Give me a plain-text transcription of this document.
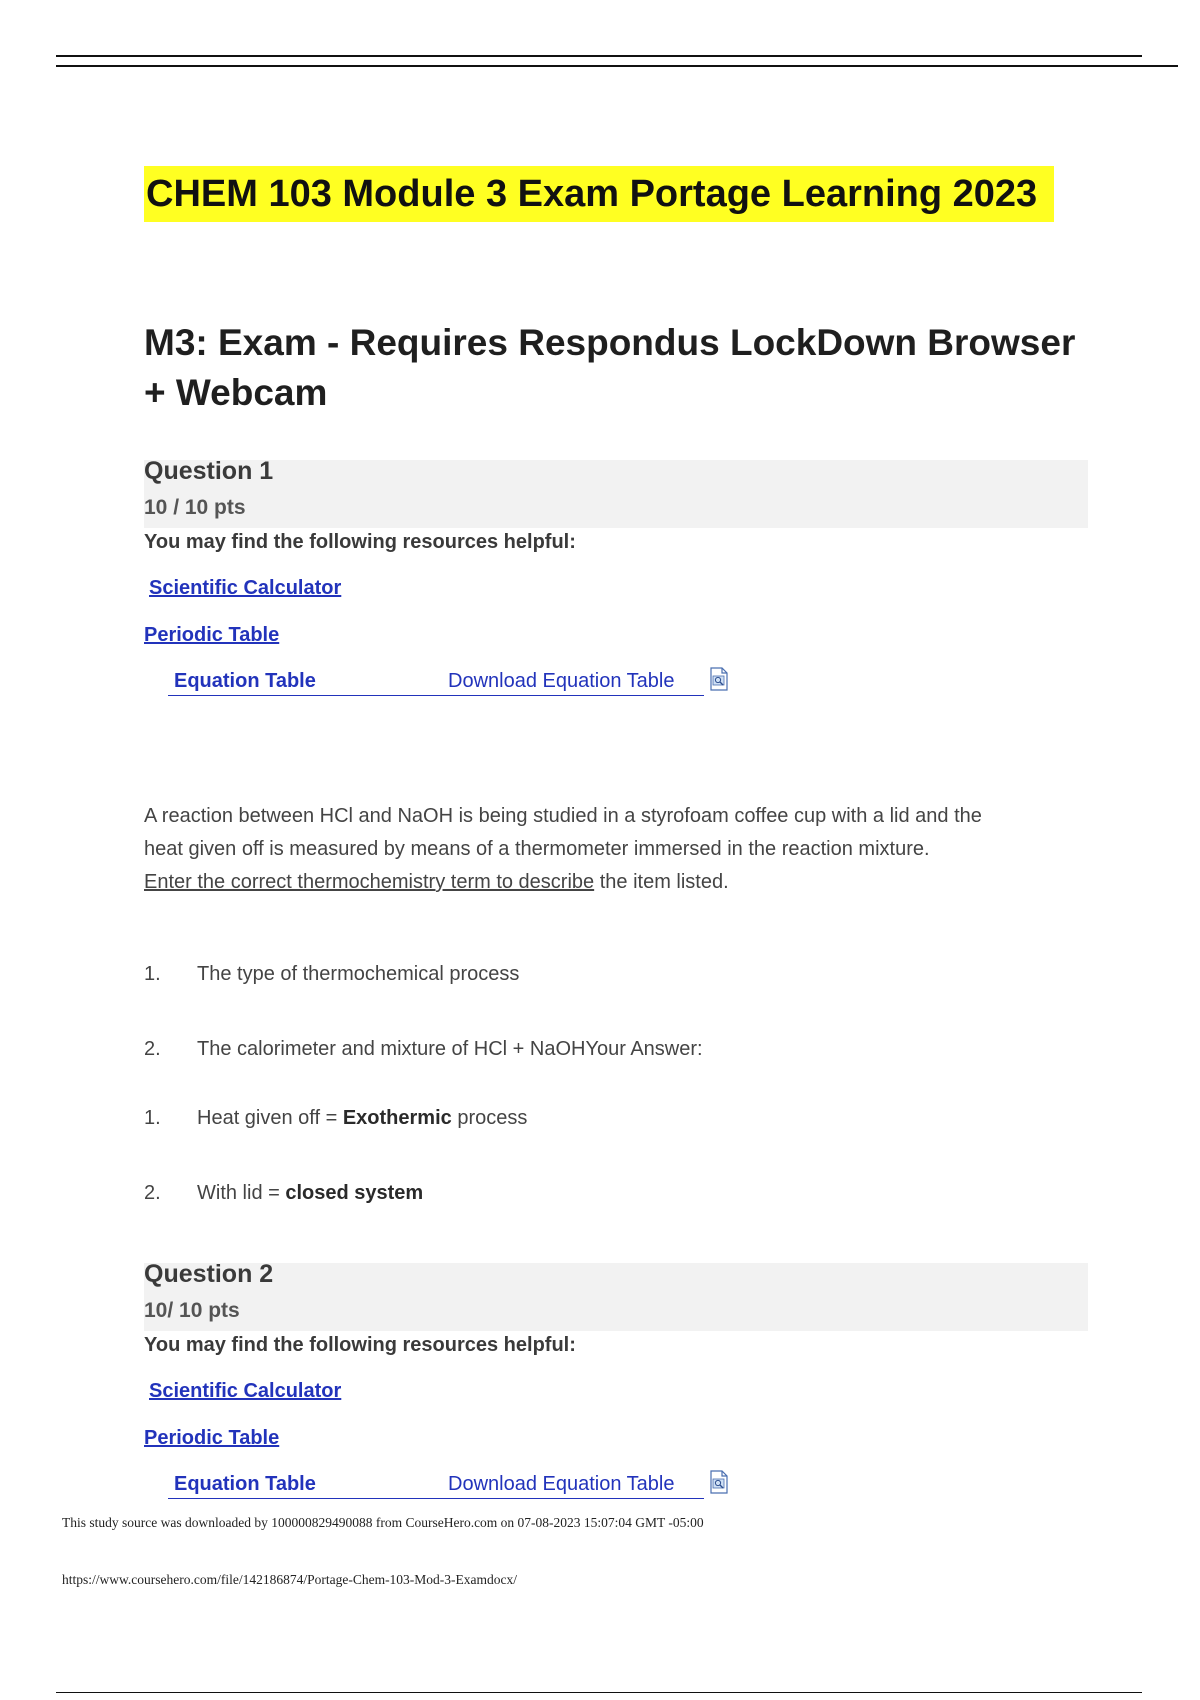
CHEM 103 Module 3 Exam Portage Learning 2023
M3: Exam - Requires Respondus LockDown Browser + Webcam
Question 1
10 / 10 pts
You may find the following resources helpful:
Scientific Calculator
Periodic Table
Equation Table	Download Equation Table
A reaction between HCl and NaOH is being studied in a styrofoam coffee cup with a lid and the
heat given off is measured by means of a thermometer immersed in the reaction mixture.
Enter the correct thermochemistry term to describe the item listed.
1. The type of thermochemical process
2. The calorimeter and mixture of HCl + NaOHYour Answer:
1. Heat given off = Exothermic process
2. With lid = closed system
Question 2
10/ 10 pts
You may find the following resources helpful:
Scientific Calculator
Periodic Table
Equation Table	Download Equation Table
This study source was downloaded by 100000829490088 from CourseHero.com on 07-08-2023 15:07:04 GMT -05:00
https://www.coursehero.com/file/142186874/Portage-Chem-103-Mod-3-Examdocx/
